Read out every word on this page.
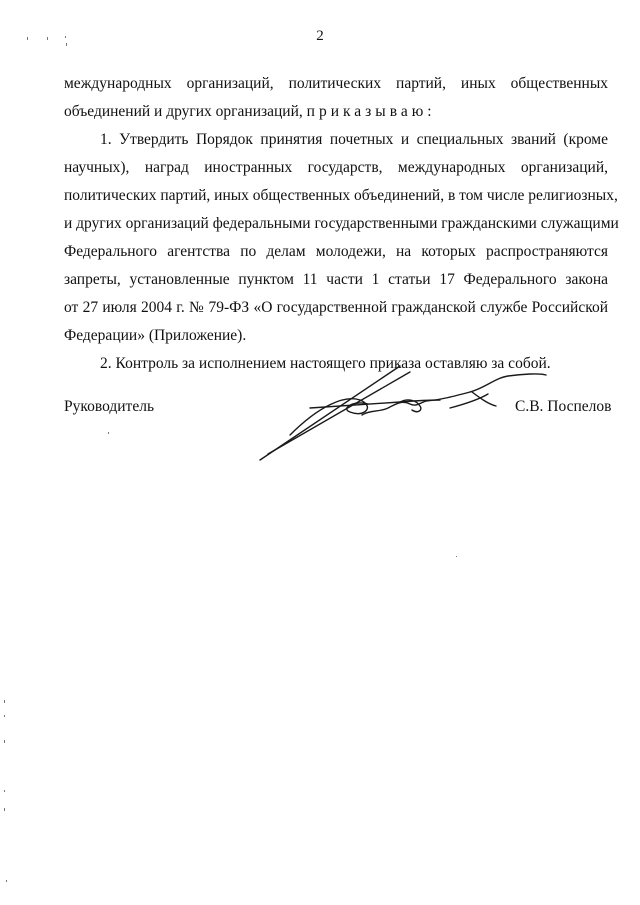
2
международных организаций, политических партий, иных общественных
объединений и других организаций, приказываю:
1. Утвердить Порядок принятия почетных и специальных званий (кроме
научных), наград иностранных государств, международных организаций,
политических партий, иных общественных объединений, в том числе религиозных,
и других организаций федеральными государственными гражданскими служащими
Федерального агентства по делам молодежи, на которых распространяются
запреты, установленные пунктом 11 части 1 статьи 17 Федерального закона
от 27 июля 2004 г. № 79-ФЗ «О государственной гражданской службе Российской
Федерации» (Приложение).
2. Контроль за исполнением настоящего приказа оставляю за собой.
Руководитель	С.В. Поспелов
